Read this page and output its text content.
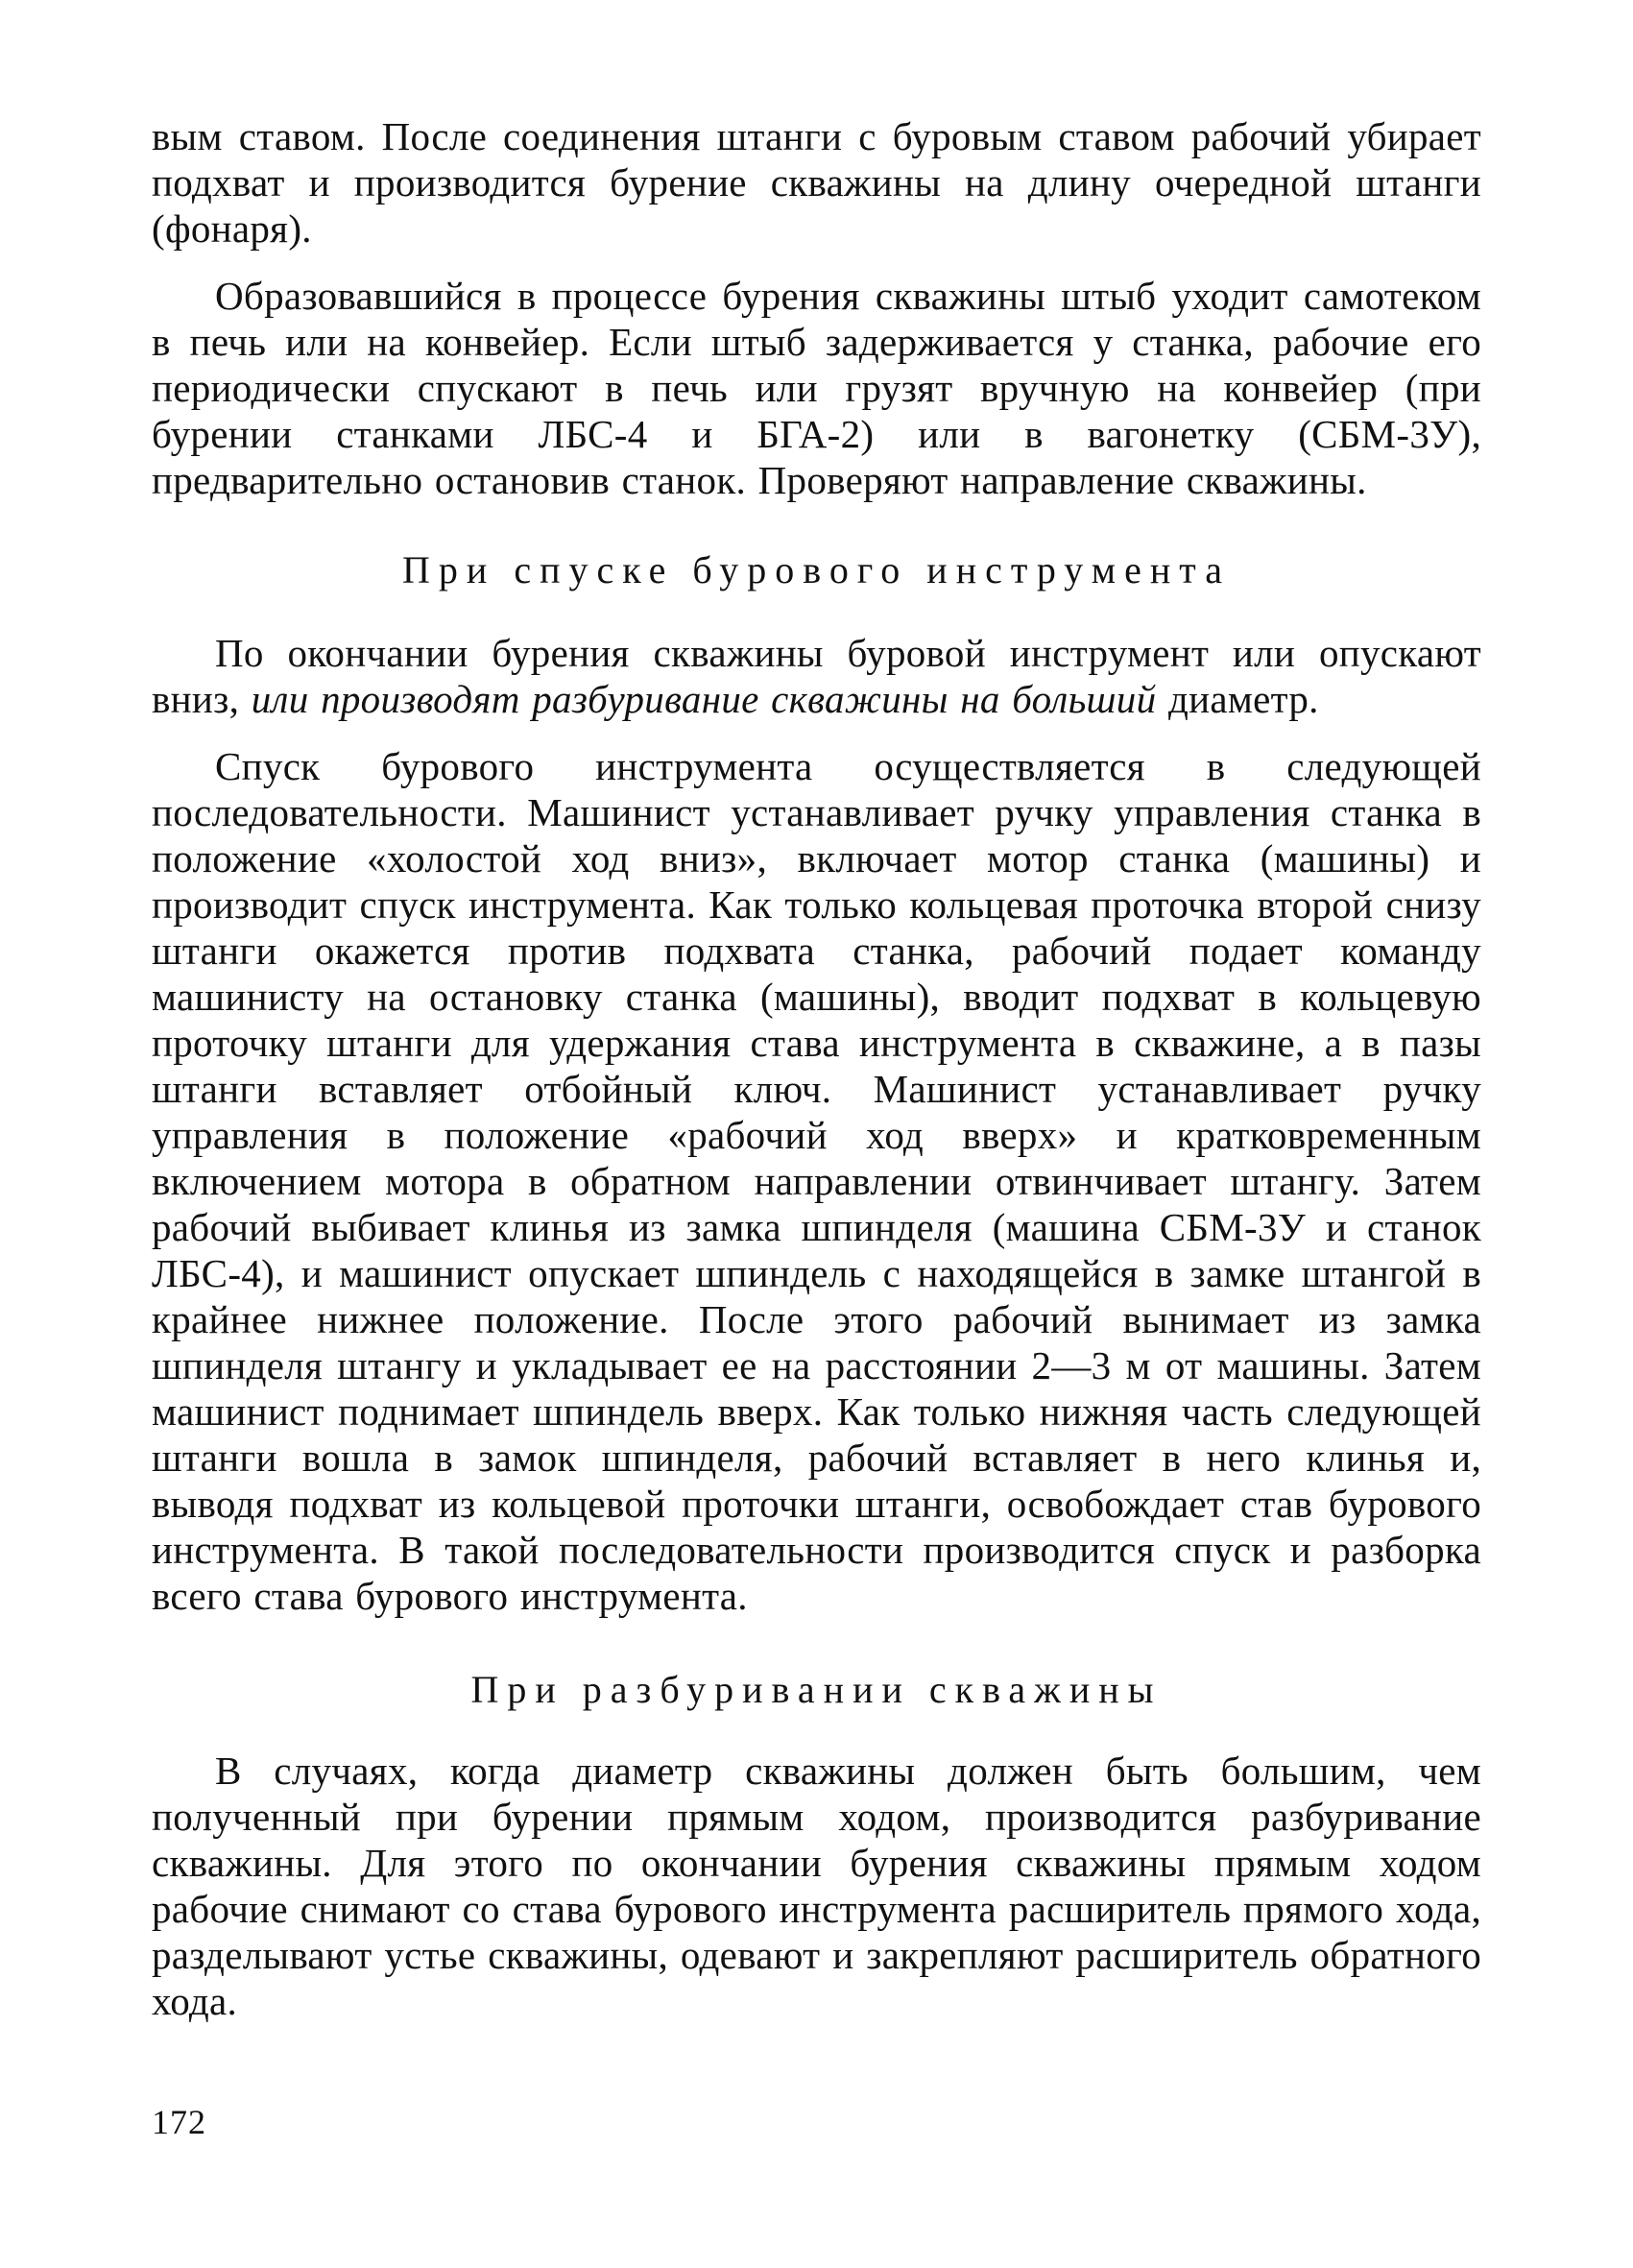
вым ставом. После соединения штанги с буровым ставом рабочий убирает подхват и производится бурение скважины на длину очередной штанги (фонаря).

Образовавшийся в процессе бурения скважины штыб уходит самотеком в печь или на конвейер. Если штыб задерживается у станка, рабочие его периодически спускают в печь или грузят вручную на конвейер (при бурении станками ЛБС-4 и БГА-2) или в вагонетку (СБМ-3У), предварительно остановив станок. Проверяют направление скважины.

При спуске бурового инструмента

По окончании бурения скважины буровой инструмент или опускают вниз, или производят разбуривание скважины на больший диаметр.

Спуск бурового инструмента осуществляется в следующей последовательности. Машинист устанавливает ручку управления станка в положение «холостой ход вниз», включает мотор станка (машины) и производит спуск инструмента. Как только кольцевая проточка второй снизу штанги окажется против подхвата станка, рабочий подает команду машинисту на остановку станка (машины), вводит подхват в кольцевую проточку штанги для удержания става инструмента в скважине, а в пазы штанги вставляет отбойный ключ. Машинист устанавливает ручку управления в положение «рабочий ход вверх» и кратковременным включением мотора в обратном направлении отвинчивает штангу. Затем рабочий выбивает клинья из замка шпинделя (машина СБМ-3У и станок ЛБС-4), и машинист опускает шпиндель с находящейся в замке штангой в крайнее нижнее положение. После этого рабочий вынимает из замка шпинделя штангу и укладывает ее на расстоянии 2—3 м от машины. Затем машинист поднимает шпиндель вверх. Как только нижняя часть следующей штанги вошла в замок шпинделя, рабочий вставляет в него клинья и, выводя подхват из кольцевой проточки штанги, освобождает став бурового инструмента. В такой последовательности производится спуск и разборка всего става бурового инструмента.

При разбуривании скважины

В случаях, когда диаметр скважины должен быть большим, чем полученный при бурении прямым ходом, производится разбуривание скважины. Для этого по окончании бурения скважины прямым ходом рабочие снимают со става бурового инструмента расширитель прямого хода, разделывают устье скважины, одевают и закрепляют расширитель обратного хода.

172
